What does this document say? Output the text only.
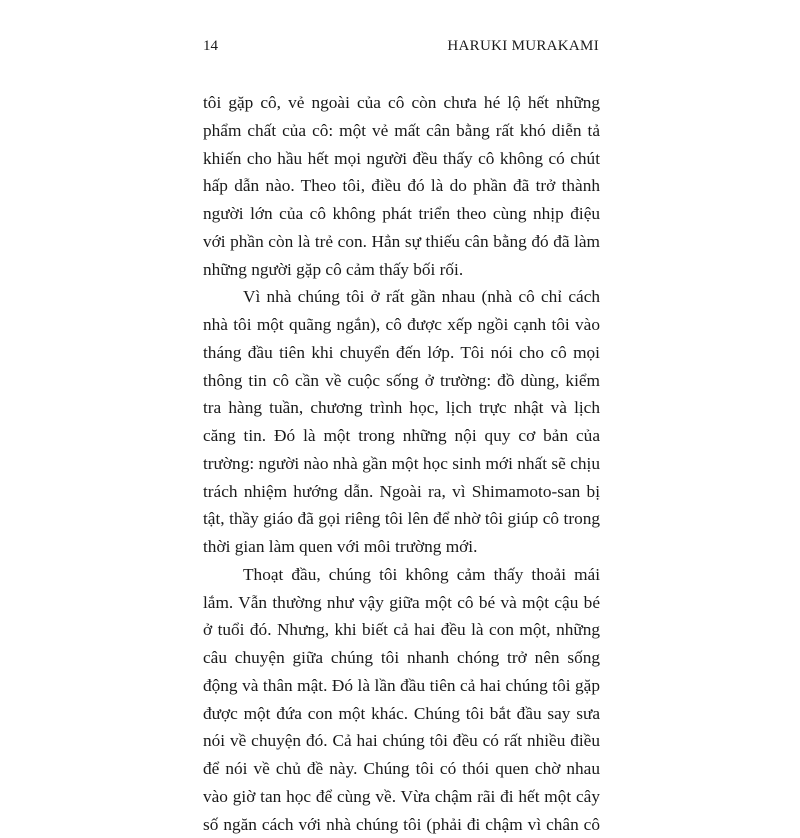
14	HARUKI MURAKAMI
tôi gặp cô, vẻ ngoài của cô còn chưa hé lộ hết những
phẩm chất của cô: một vẻ mất cân bằng rất khó diễn tả
khiến cho hầu hết mọi người đều thấy cô không có chút
hấp dẫn nào. Theo tôi, điều đó là do phần đã trở thành
người lớn của cô không phát triển theo cùng nhịp điệu
với phần còn là trẻ con. Hẳn sự thiếu cân bằng đó đã làm
những người gặp cô cảm thấy bối rối.
Vì nhà chúng tôi ở rất gần nhau (nhà cô chỉ cách
nhà tôi một quãng ngắn), cô được xếp ngồi cạnh tôi vào
tháng đầu tiên khi chuyển đến lớp. Tôi nói cho cô mọi
thông tin cô cần về cuộc sống ở trường: đồ dùng, kiểm
tra hàng tuần, chương trình học, lịch trực nhật và lịch
căng tin. Đó là một trong những nội quy cơ bản của
trường: người nào nhà gần một học sinh mới nhất sẽ chịu
trách nhiệm hướng dẫn. Ngoài ra, vì Shimamoto-san bị
tật, thầy giáo đã gọi riêng tôi lên để nhờ tôi giúp cô trong
thời gian làm quen với môi trường mới.
Thoạt đầu, chúng tôi không cảm thấy thoải mái
lắm. Vẫn thường như vậy giữa một cô bé và một cậu bé
ở tuổi đó. Nhưng, khi biết cả hai đều là con một, những
câu chuyện giữa chúng tôi nhanh chóng trở nên sống
động và thân mật. Đó là lần đầu tiên cả hai chúng tôi gặp
được một đứa con một khác. Chúng tôi bắt đầu say sưa
nói về chuyện đó. Cả hai chúng tôi đều có rất nhiều điều
để nói về chủ đề này. Chúng tôi có thói quen chờ nhau
vào giờ tan học để cùng về. Vừa chậm rãi đi hết một cây
số ngăn cách với nhà chúng tôi (phải đi chậm vì chân cô
